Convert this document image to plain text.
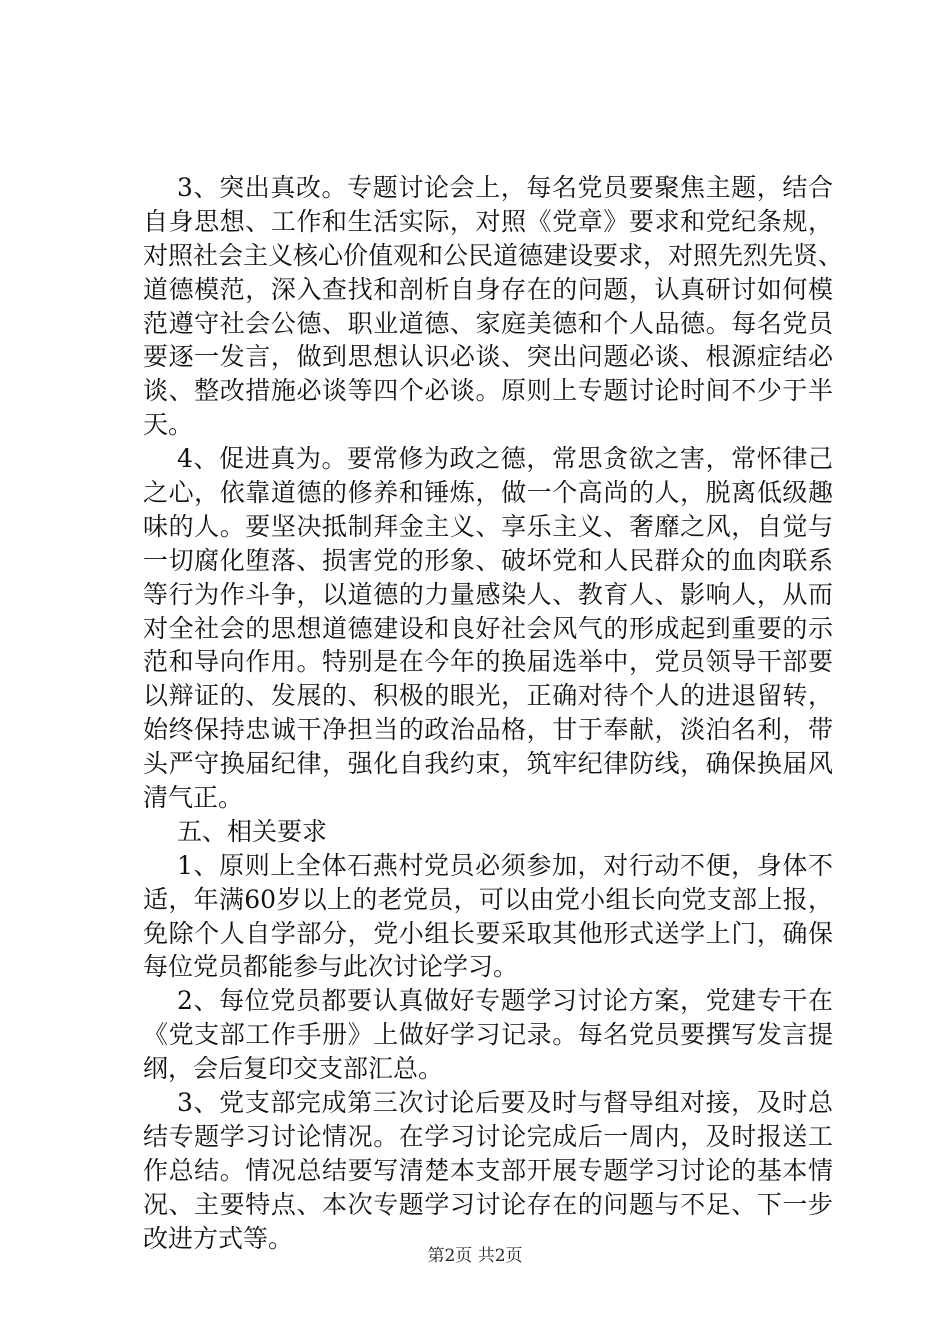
3、突出真改。专题讨论会上，每名党员要聚焦主题，结合
自身思想、工作和生活实际，对照《党章》要求和党纪条规，
对照社会主义核心价值观和公民道德建设要求，对照先烈先贤、
道德模范，深入查找和剖析自身存在的问题，认真研讨如何模
范遵守社会公德、职业道德、家庭美德和个人品德。每名党员
要逐一发言，做到思想认识必谈、突出问题必谈、根源症结必
谈、整改措施必谈等四个必谈。原则上专题讨论时间不少于半
天。
4、促进真为。要常修为政之德，常思贪欲之害，常怀律己
之心，依靠道德的修养和锤炼，做一个高尚的人，脱离低级趣
味的人。要坚决抵制拜金主义、享乐主义、奢靡之风，自觉与
一切腐化堕落、损害党的形象、破坏党和人民群众的血肉联系
等行为作斗争，以道德的力量感染人、教育人、影响人，从而
对全社会的思想道德建设和良好社会风气的形成起到重要的示
范和导向作用。特别是在今年的换届选举中，党员领导干部要
以辩证的、发展的、积极的眼光，正确对待个人的进退留转，
始终保持忠诚干净担当的政治品格，甘于奉献，淡泊名利，带
头严守换届纪律，强化自我约束，筑牢纪律防线，确保换届风
清气正。
五、相关要求
1、原则上全体石燕村党员必须参加，对行动不便，身体不
适，年满60岁以上的老党员，可以由党小组长向党支部上报，
免除个人自学部分，党小组长要采取其他形式送学上门，确保
每位党员都能参与此次讨论学习。
2、每位党员都要认真做好专题学习讨论方案，党建专干在
《党支部工作手册》上做好学习记录。每名党员要撰写发言提
纲，会后复印交支部汇总。
3、党支部完成第三次讨论后要及时与督导组对接，及时总
结专题学习讨论情况。在学习讨论完成后一周内，及时报送工
作总结。情况总结要写清楚本支部开展专题学习讨论的基本情
况、主要特点、本次专题学习讨论存在的问题与不足、下一步
改进方式等。
第2页 共2页
